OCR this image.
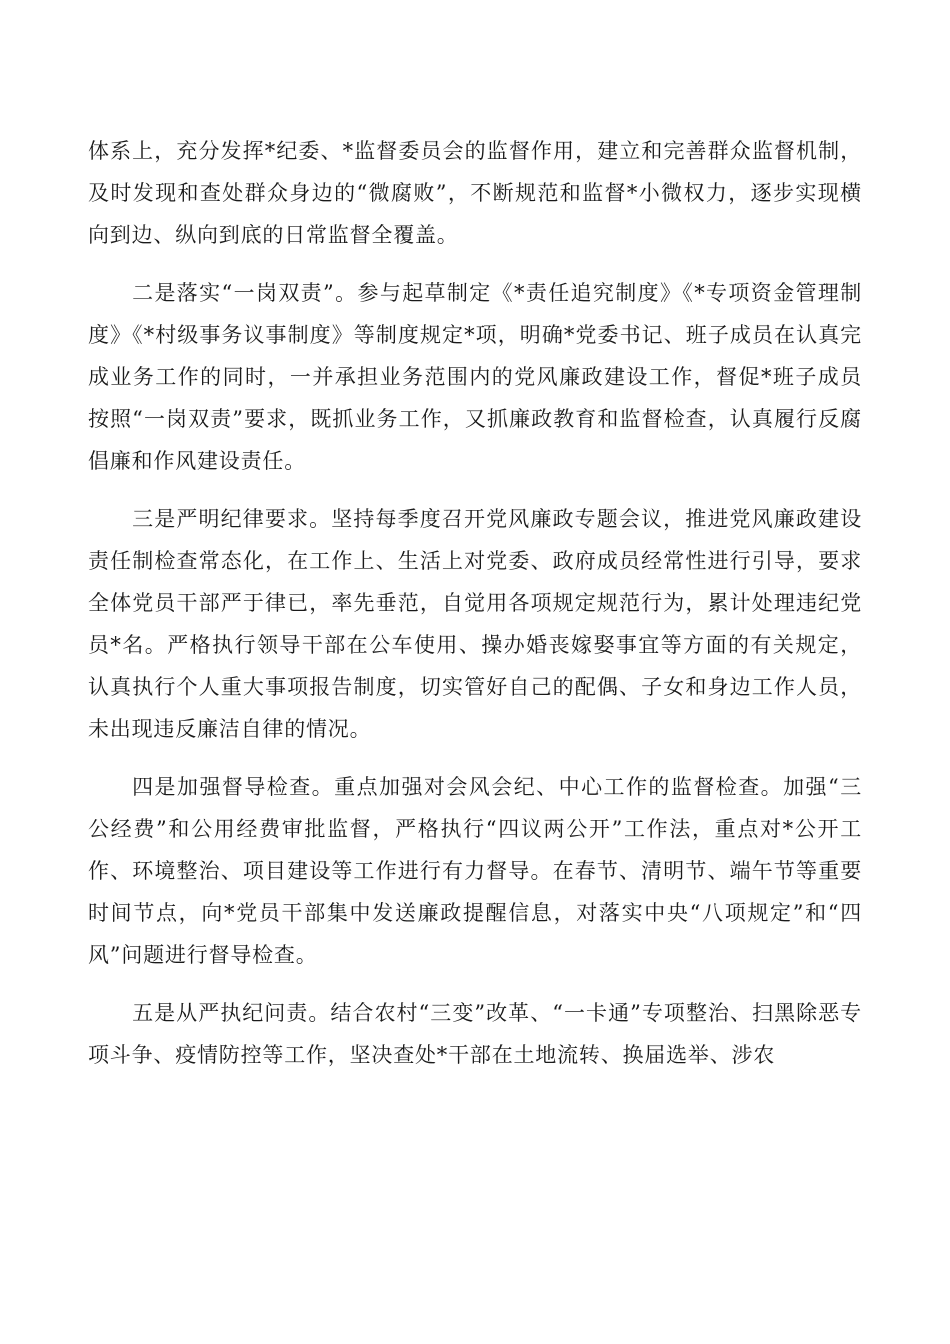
体系上，充分发挥*纪委、*监督委员会的监督作用，建立和完善群众监督机制，及时发现和查处群众身边的“微腐败”，不断规范和监督*小微权力，逐步实现横向到边、纵向到底的日常监督全覆盖。

二是落实“一岗双责”。参与起草制定《*责任追究制度》《*专项资金管理制度》《*村级事务议事制度》等制度规定*项，明确*党委书记、班子成员在认真完成业务工作的同时，一并承担业务范围内的党风廉政建设工作，督促*班子成员按照“一岗双责”要求，既抓业务工作，又抓廉政教育和监督检查，认真履行反腐倡廉和作风建设责任。

三是严明纪律要求。坚持每季度召开党风廉政专题会议，推进党风廉政建设责任制检查常态化，在工作上、生活上对党委、政府成员经常性进行引导，要求全体党员干部严于律已，率先垂范，自觉用各项规定规范行为，累计处理违纪党员*名。严格执行领导干部在公车使用、操办婚丧嫁娶事宜等方面的有关规定，认真执行个人重大事项报告制度，切实管好自己的配偶、子女和身边工作人员，未出现违反廉洁自律的情况。

四是加强督导检查。重点加强对会风会纪、中心工作的监督检查。加强“三公经费”和公用经费审批监督，严格执行“四议两公开”工作法，重点对*公开工作、环境整治、项目建设等工作进行有力督导。在春节、清明节、端午节等重要时间节点，向*党员干部集中发送廉政提醒信息，对落实中央“八项规定”和“四风”问题进行督导检查。

五是从严执纪问责。结合农村“三变”改革、“一卡通”专项整治、扫黑除恶专项斗争、疫情防控等工作，坚决查处*干部在土地流转、换届选举、涉农
